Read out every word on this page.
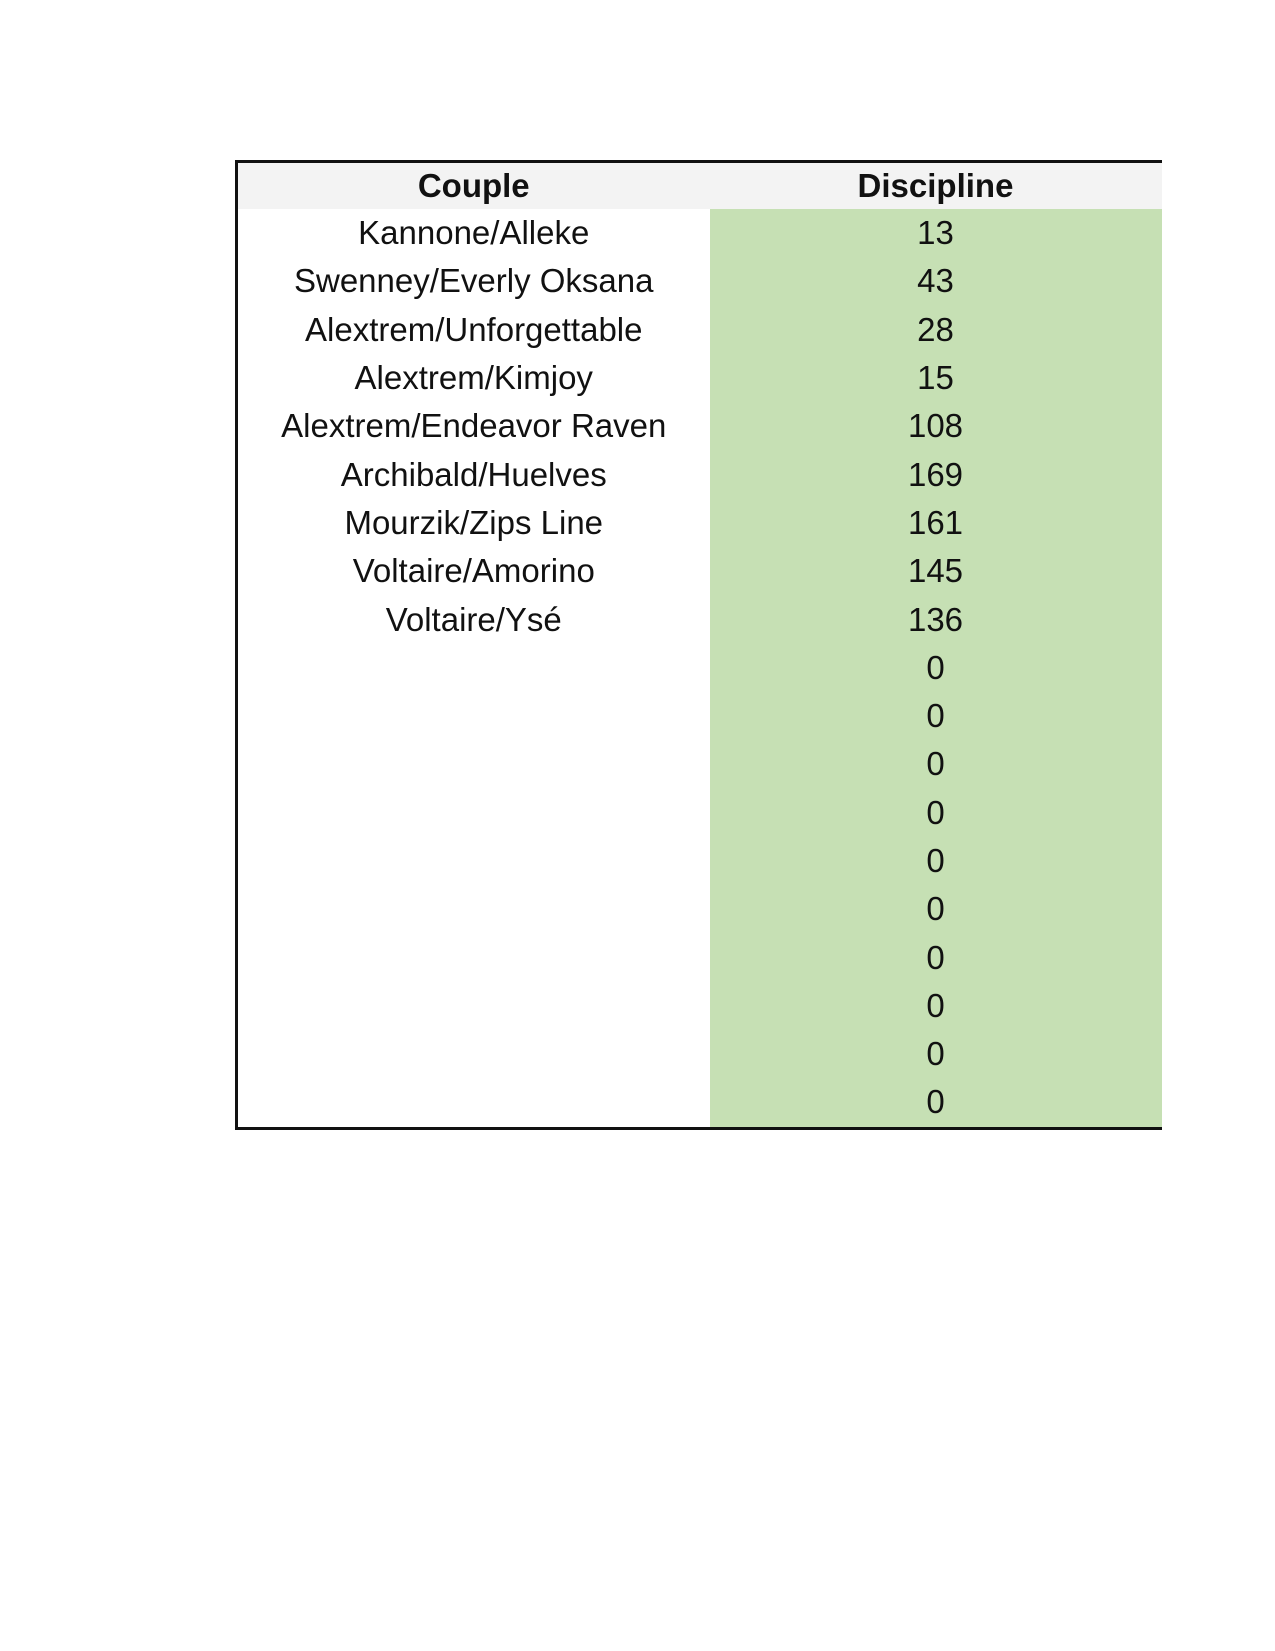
Couple	Discipline
Kannone/Alleke	13
Swenney/Everly Oksana	43
Alextrem/Unforgettable	28
Alextrem/Kimjoy	15
Alextrem/Endeavor Raven	108
Archibald/Huelves	169
Mourzik/Zips Line	161
Voltaire/Amorino	145
Voltaire/Ysé	136
	0
	0
	0
	0
	0
	0
	0
	0
	0
	0
